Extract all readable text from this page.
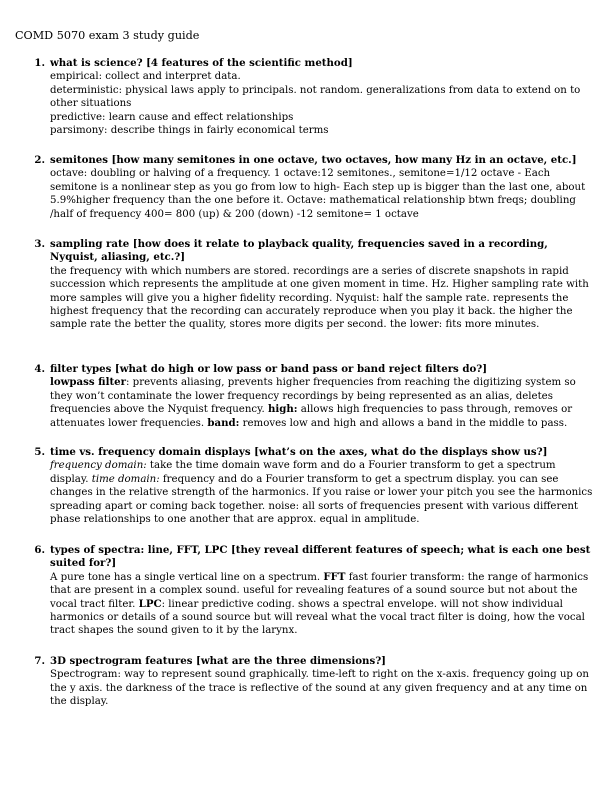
COMD 5070 exam 3 study guide
1. what is science? [4 features of the scientific method]
empirical: collect and interpret data.
deterministic: physical laws apply to principals. not random. generalizations from data to extend on to other situations
predictive: learn cause and effect relationships
parsimony: describe things in fairly economical terms
2. semitones [how many semitones in one octave, two octaves, how many Hz in an octave, etc.]
octave: doubling or halving of a frequency. 1 octave:12 semitones., semitone=1/12 octave - Each semitone is a nonlinear step as you go from low to high- Each step up is bigger than the last one, about 5.9%higher frequency than the one before it. Octave: mathematical relationship btwn freqs; doubling /half of frequency 400= 800 (up) & 200 (down) -12 semitone= 1 octave
3. sampling rate [how does it relate to playback quality, frequencies saved in a recording, Nyquist, aliasing, etc.?]
the frequency with which numbers are stored. recordings are a series of discrete snapshots in rapid succession which represents the amplitude at one given moment in time. Hz. Higher sampling rate with more samples will give you a higher fidelity recording. Nyquist: half the sample rate. represents the highest frequency that the recording can accurately reproduce when you play it back. the higher the sample rate the better the quality, stores more digits per second. the lower: fits more minutes.
4. filter types [what do high or low pass or band pass or band reject filters do?]
lowpass filter: prevents aliasing, prevents higher frequencies from reaching the digitizing system so they won’t contaminate the lower frequency recordings by being represented as an alias, deletes frequencies above the Nyquist frequency. high: allows high frequencies to pass through, removes or attenuates lower frequencies. band: removes low and high and allows a band in the middle to pass.
5. time vs. frequency domain displays [what’s on the axes, what do the displays show us?]
frequency domain: take the time domain wave form and do a Fourier transform to get a spectrum display. time domain: frequency and do a Fourier transform to get a spectrum display. you can see changes in the relative strength of the harmonics. If you raise or lower your pitch you see the harmonics spreading apart or coming back together. noise: all sorts of frequencies present with various different phase relationships to one another that are approx. equal in amplitude.
6. types of spectra: line, FFT, LPC [they reveal different features of speech; what is each one best suited for?]
A pure tone has a single vertical line on a spectrum. FFT fast fourier transform: the range of harmonics that are present in a complex sound. useful for revealing features of a sound source but not about the vocal tract filter. LPC: linear predictive coding. shows a spectral envelope. will not show individual harmonics or details of a sound source but will reveal what the vocal tract filter is doing, how the vocal tract shapes the sound given to it by the larynx.
7. 3D spectrogram features [what are the three dimensions?]
Spectrogram: way to represent sound graphically. time-left to right on the x-axis. frequency going up on the y axis. the darkness of the trace is reflective of the sound at any given frequency and at any time on the display.
